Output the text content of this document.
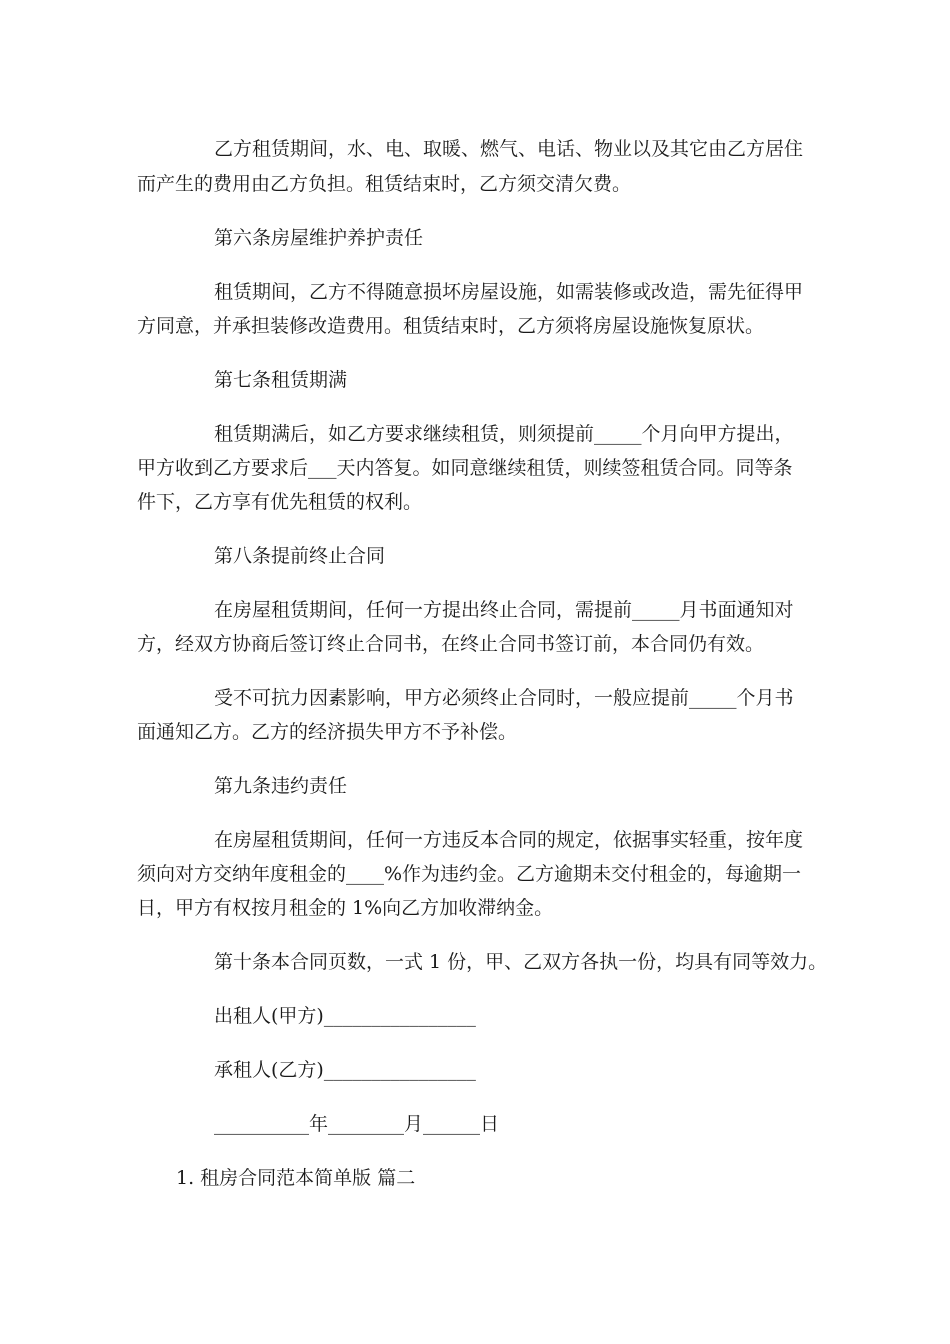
乙方租赁期间，水、电、取暖、燃气、电话、物业以及其它由乙方居住
而产生的费用由乙方负担。租赁结束时，乙方须交清欠费。
第六条房屋维护养护责任
租赁期间，乙方不得随意损坏房屋设施，如需装修或改造，需先征得甲
方同意，并承担装修改造费用。租赁结束时，乙方须将房屋设施恢复原状。
第七条租赁期满
租赁期满后，如乙方要求继续租赁，则须提前_____个月向甲方提出，
甲方收到乙方要求后___天内答复。如同意继续租赁，则续签租赁合同。同等条
件下，乙方享有优先租赁的权利。
第八条提前终止合同
在房屋租赁期间，任何一方提出终止合同，需提前_____月书面通知对
方，经双方协商后签订终止合同书，在终止合同书签订前，本合同仍有效。
受不可抗力因素影响，甲方必须终止合同时，一般应提前_____个月书
面通知乙方。乙方的经济损失甲方不予补偿。
第九条违约责任
在房屋租赁期间，任何一方违反本合同的规定，依据事实轻重，按年度
须向对方交纳年度租金的____%作为违约金。乙方逾期未交付租金的，每逾期一
日，甲方有权按月租金的 1%向乙方加收滞纳金。
第十条本合同页数，一式 1 份，甲、乙双方各执一份，均具有同等效力。
出租人(甲方)________________
承租人(乙方)________________
__________年________月______日
1. 租房合同范本简单版 篇二
